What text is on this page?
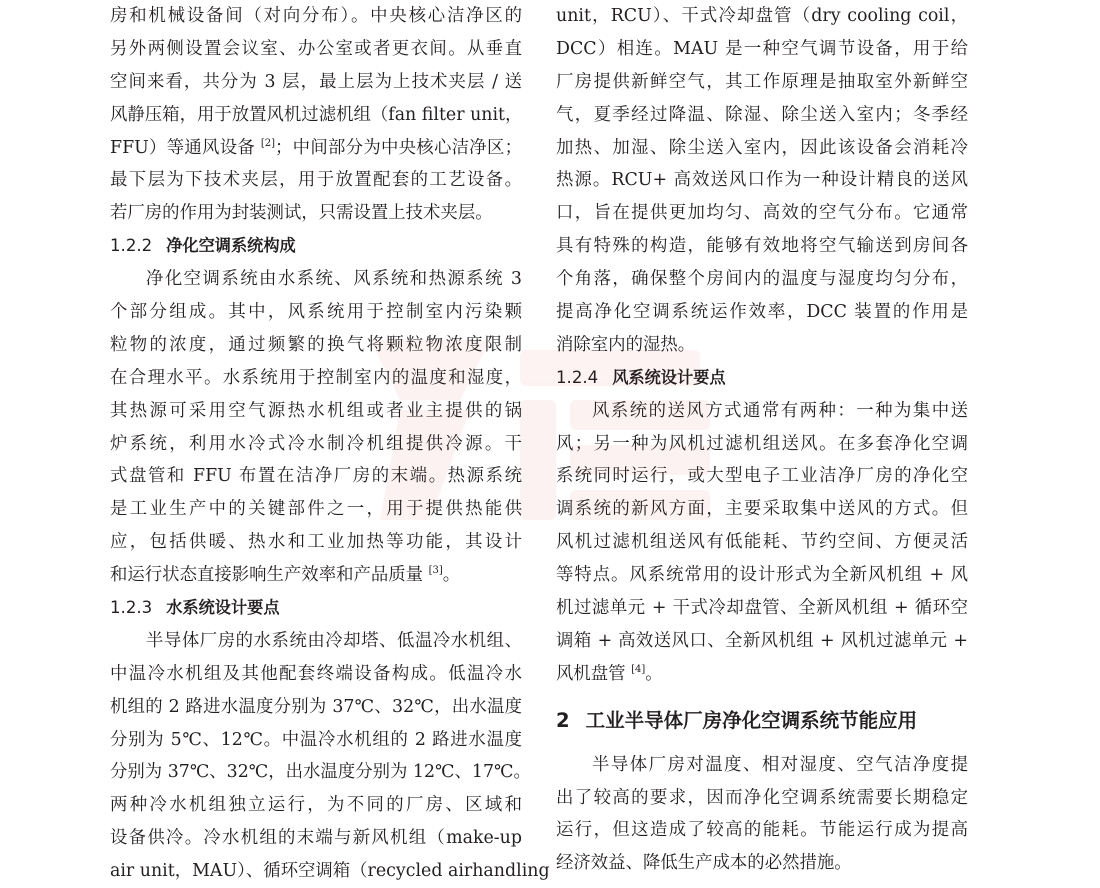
房和机械设备间（对向分布）。中央核心洁净区的
另外两侧设置会议室、办公室或者更衣间。从垂直
空间来看，共分为 3 层，最上层为上技术夹层 / 送
风静压箱，用于放置风机过滤机组（fan filter unit，
FFU）等通风设备 [2]；中间部分为中央核心洁净区；
最下层为下技术夹层，用于放置配套的工艺设备。
若厂房的作用为封装测试，只需设置上技术夹层。
1.2.2 净化空调系统构成
净化空调系统由水系统、风系统和热源系统 3
个部分组成。其中，风系统用于控制室内污染颗
粒物的浓度，通过频繁的换气将颗粒物浓度限制
在合理水平。水系统用于控制室内的温度和湿度，
其热源可采用空气源热水机组或者业主提供的锅
炉系统，利用水冷式冷水制冷机组提供冷源。干
式盘管和 FFU 布置在洁净厂房的末端。热源系统
是工业生产中的关键部件之一，用于提供热能供
应，包括供暖、热水和工业加热等功能，其设计
和运行状态直接影响生产效率和产品质量 [3]。
1.2.3 水系统设计要点
半导体厂房的水系统由冷却塔、低温冷水机组、
中温冷水机组及其他配套终端设备构成。低温冷水
机组的 2 路进水温度分别为 37℃、32℃，出水温度
分别为 5℃、12℃。中温冷水机组的 2 路进水温度
分别为 37℃、32℃，出水温度分别为 12℃、17℃。
两种冷水机组独立运行，为不同的厂房、区域和
设备供冷。冷水机组的末端与新风机组（make-up
air unit，MAU）、循环空调箱（recycled airhandling
unit，RCU）、干式冷却盘管（dry cooling coil，
DCC）相连。MAU 是一种空气调节设备，用于给
厂房提供新鲜空气，其工作原理是抽取室外新鲜空
气，夏季经过降温、除湿、除尘送入室内；冬季经
加热、加湿、除尘送入室内，因此该设备会消耗冷
热源。RCU+ 高效送风口作为一种设计精良的送风
口，旨在提供更加均匀、高效的空气分布。它通常
具有特殊的构造，能够有效地将空气输送到房间各
个角落，确保整个房间内的温度与湿度均匀分布，
提高净化空调系统运作效率，DCC 装置的作用是
消除室内的湿热。
1.2.4 风系统设计要点
风系统的送风方式通常有两种：一种为集中送
风；另一种为风机过滤机组送风。在多套净化空调
系统同时运行，或大型电子工业洁净厂房的净化空
调系统的新风方面，主要采取集中送风的方式。但
风机过滤机组送风有低能耗、节约空间、方便灵活
等特点。风系统常用的设计形式为全新风机组 + 风
机过滤单元 + 干式冷却盘管、全新风机组 + 循环空
调箱 + 高效送风口、全新风机组 + 风机过滤单元 +
风机盘管 [4]。
2 工业半导体厂房净化空调系统节能应用
半导体厂房对温度、相对湿度、空气洁净度提
出了较高的要求，因而净化空调系统需要长期稳定
运行，但这造成了较高的能耗。节能运行成为提高
经济效益、降低生产成本的必然措施。
